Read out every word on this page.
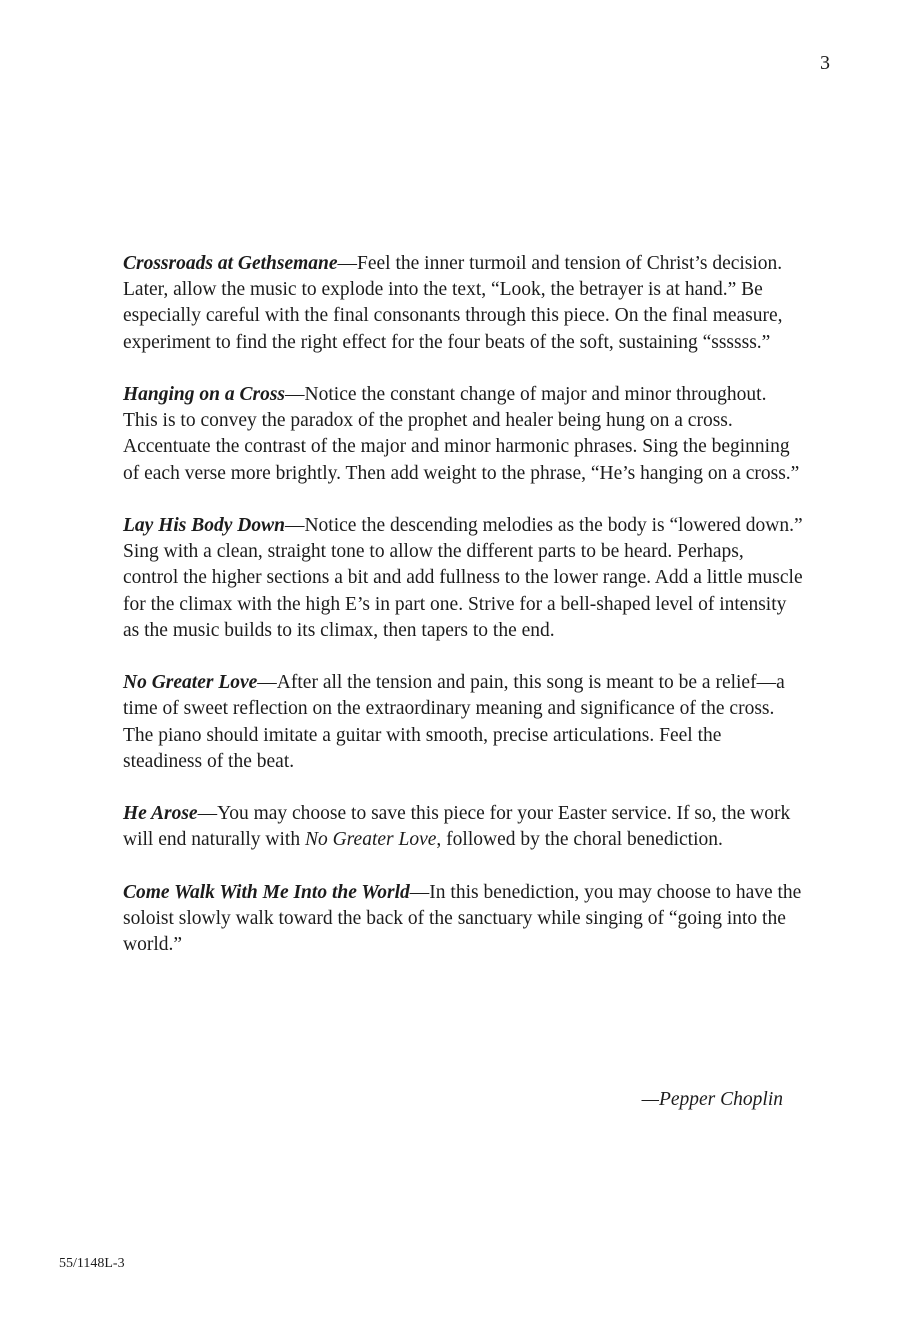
3

Crossroads at Gethsemane—Feel the inner turmoil and tension of Christ’s decision. Later, allow the music to explode into the text, “Look, the betrayer is at hand.” Be especially careful with the final consonants through this piece. On the final measure, experiment to find the right effect for the four beats of the soft, sustaining “ssssss.”

Hanging on a Cross—Notice the constant change of major and minor throughout. This is to convey the paradox of the prophet and healer being hung on a cross. Accentuate the contrast of the major and minor harmonic phrases. Sing the beginning of each verse more brightly. Then add weight to the phrase, “He’s hanging on a cross.”

Lay His Body Down—Notice the descending melodies as the body is “lowered down.” Sing with a clean, straight tone to allow the different parts to be heard. Perhaps, control the higher sections a bit and add fullness to the lower range. Add a little muscle for the climax with the high E’s in part one. Strive for a bell-shaped level of intensity as the music builds to its climax, then tapers to the end.

No Greater Love—After all the tension and pain, this song is meant to be a relief—a time of sweet reflection on the extraordinary meaning and significance of the cross. The piano should imitate a guitar with smooth, precise articulations. Feel the steadiness of the beat.

He Arose—You may choose to save this piece for your Easter service. If so, the work will end naturally with No Greater Love, followed by the choral benediction.

Come Walk With Me Into the World—In this benediction, you may choose to have the soloist slowly walk toward the back of the sanctuary while singing of “going into the world.”

—Pepper Choplin
55/1148L-3
